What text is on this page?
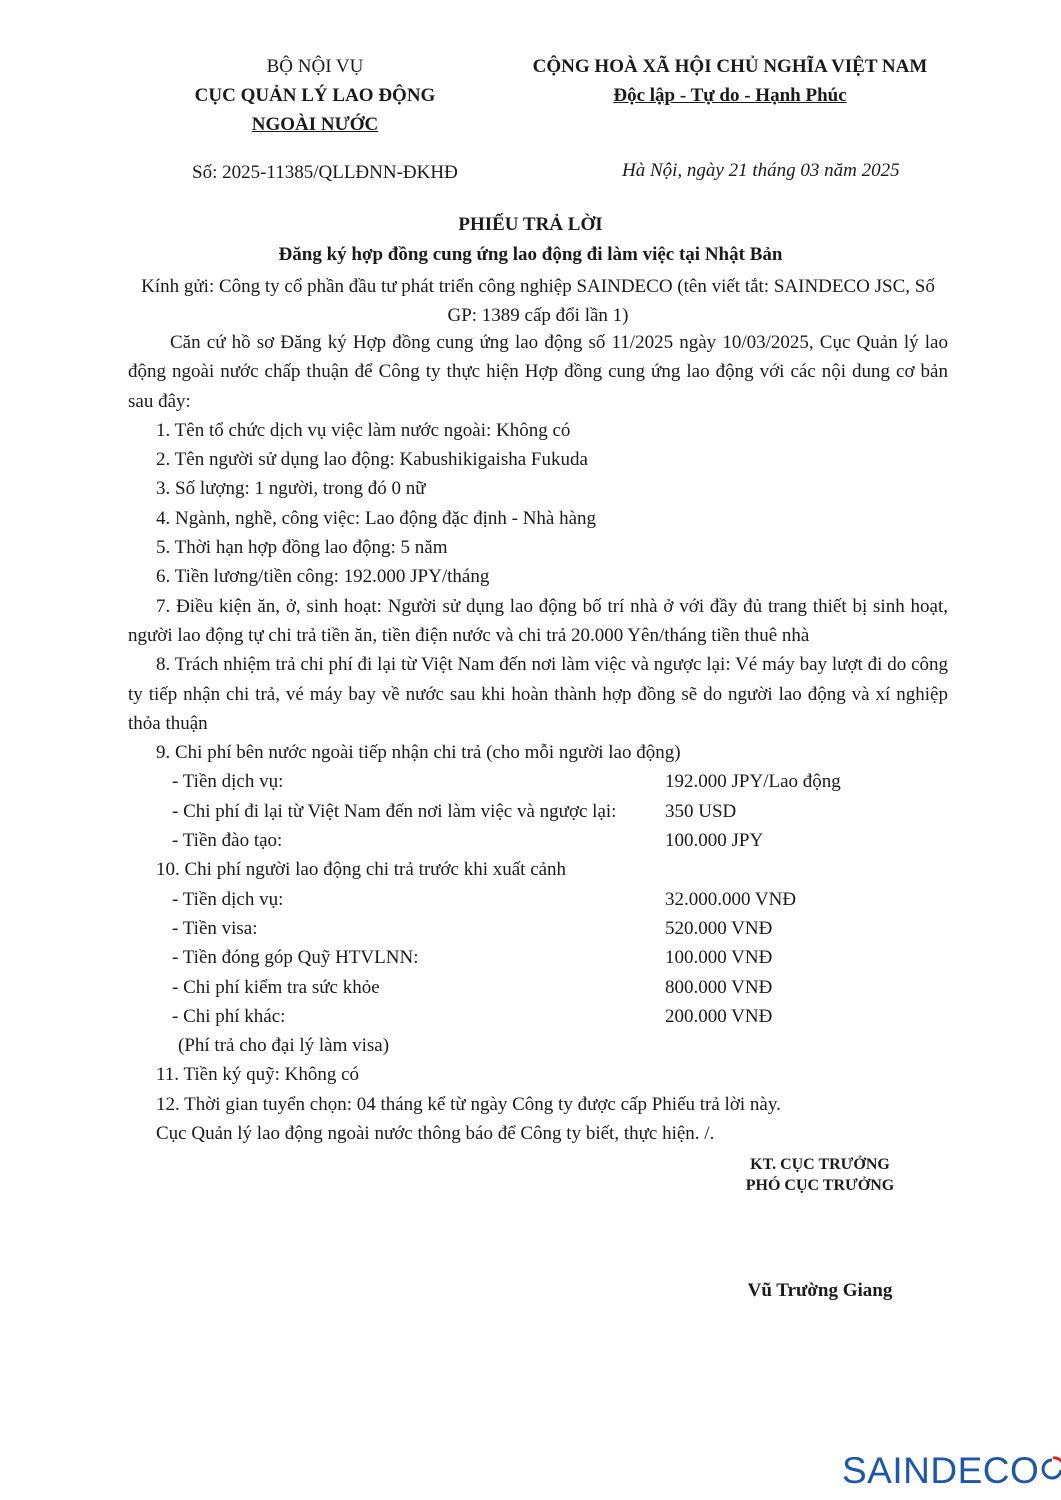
BỘ NỘI VỤ
CỤC QUẢN LÝ LAO ĐỘNG
NGOÀI NƯỚC
CỘNG HOÀ XÃ HỘI CHỦ NGHĨA VIỆT NAM
Độc lập - Tự do - Hạnh Phúc
Số: 2025-11385/QLLĐNN-ĐKHĐ	Hà Nội, ngày 21 tháng 03 năm 2025
PHIẾU TRẢ LỜI
Đăng ký hợp đồng cung ứng lao động đi làm việc tại Nhật Bản
Kính gửi: Công ty cổ phần đầu tư phát triển công nghiệp SAINDECO (tên viết tắt: SAINDECO JSC, Số
GP: 1389 cấp đổi lần 1)
Căn cứ hồ sơ Đăng ký Hợp đồng cung ứng lao động số 11/2025 ngày 10/03/2025, Cục Quản lý lao động ngoài nước chấp thuận để Công ty thực hiện Hợp đồng cung ứng lao động với các nội dung cơ bản sau đây:
1. Tên tổ chức dịch vụ việc làm nước ngoài: Không có
2. Tên người sử dụng lao động: Kabushikigaisha Fukuda
3. Số lượng: 1 người, trong đó 0 nữ
4. Ngành, nghề, công việc: Lao động đặc định - Nhà hàng
5. Thời hạn hợp đồng lao động: 5 năm
6. Tiền lương/tiền công: 192.000 JPY/tháng
7. Điều kiện ăn, ở, sinh hoạt: Người sử dụng lao động bố trí nhà ở với đầy đủ trang thiết bị sinh hoạt, người lao động tự chi trả tiền ăn, tiền điện nước và chi trả 20.000 Yên/tháng tiền thuê nhà
8. Trách nhiệm trả chi phí đi lại từ Việt Nam đến nơi làm việc và ngược lại: Vé máy bay lượt đi do công ty tiếp nhận chi trả, vé máy bay về nước sau khi hoàn thành hợp đồng sẽ do người lao động và xí nghiệp thỏa thuận
9. Chi phí bên nước ngoài tiếp nhận chi trả (cho mỗi người lao động)
- Tiền dịch vụ:	192.000 JPY/Lao động
- Chi phí đi lại từ Việt Nam đến nơi làm việc và ngược lại:	350 USD
- Tiền đào tạo:	100.000 JPY
10. Chi phí người lao động chi trả trước khi xuất cảnh
- Tiền dịch vụ:	32.000.000 VNĐ
- Tiền visa:	520.000 VNĐ
- Tiền đóng góp Quỹ HTVLNN:	100.000 VNĐ
- Chi phí kiểm tra sức khỏe	800.000 VNĐ
- Chi phí khác:	200.000 VNĐ
(Phí trả cho đại lý làm visa)
11. Tiền ký quỹ: Không có
12. Thời gian tuyển chọn: 04 tháng kể từ ngày Công ty được cấp Phiếu trả lời này.
Cục Quản lý lao động ngoài nước thông báo để Công ty biết, thực hiện. /.
KT. CỤC TRƯỞNG
PHÓ CỤC TRƯỞNG
Vũ Trường Giang
SAINDECO
